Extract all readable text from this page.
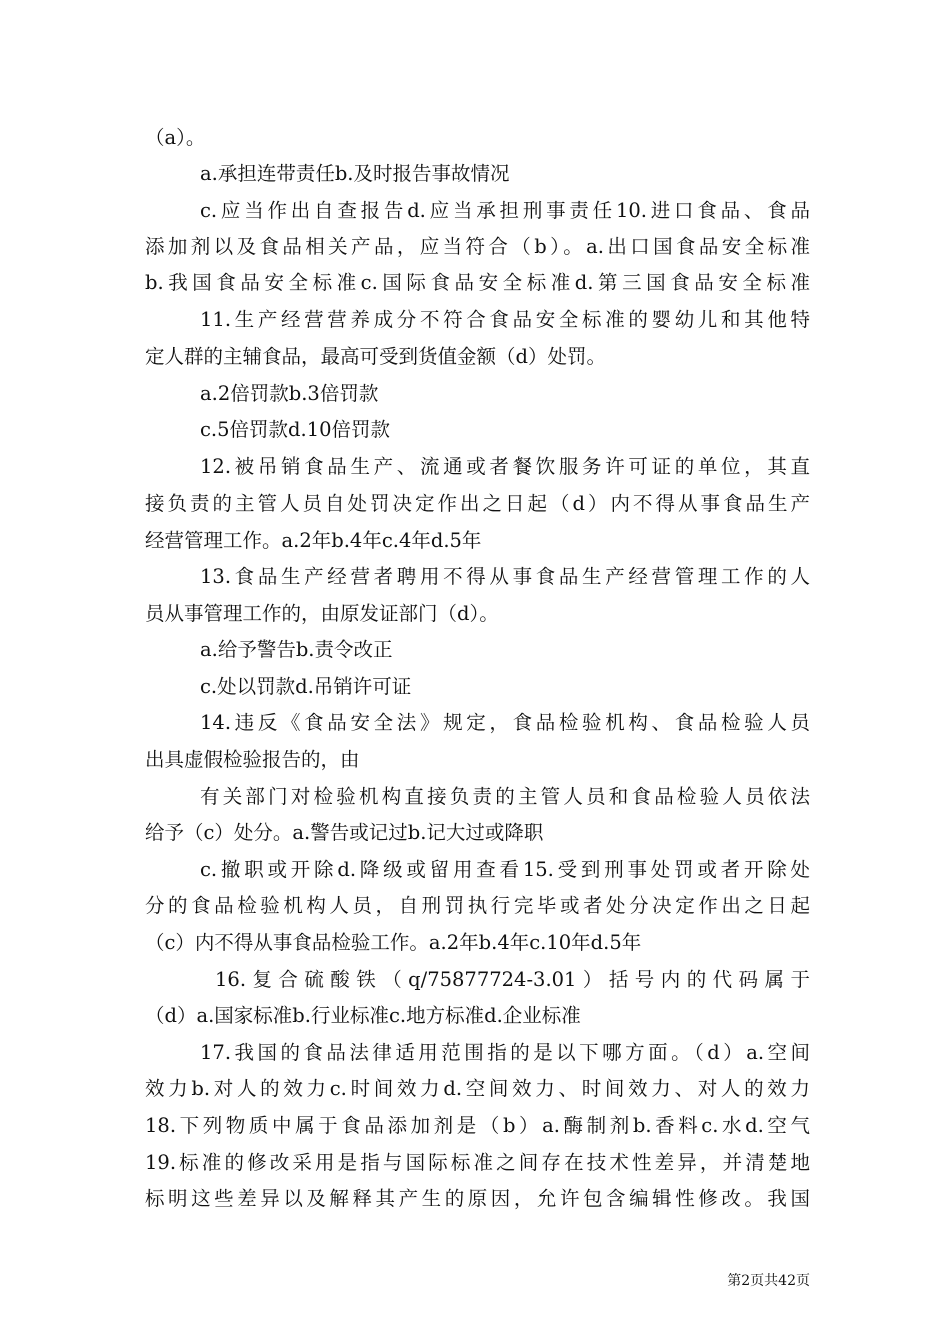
（a）。
a.承担连带责任b.及时报告事故情况
c.应当作出自查报告d.应当承担刑事责任10.进口食品、食品
添加剂以及食品相关产品，应当符合（b）。a.出口国食品安全标准
b.我国食品安全标准c.国际食品安全标准d.第三国食品安全标准
11.生产经营营养成分不符合食品安全标准的婴幼儿和其他特
定人群的主辅食品，最高可受到货值金额（d）处罚。
a.2倍罚款b.3倍罚款
c.5倍罚款d.10倍罚款
12.被吊销食品生产、流通或者餐饮服务许可证的单位，其直
接负责的主管人员自处罚决定作出之日起（d）内不得从事食品生产
经营管理工作。a.2年b.4年c.4年d.5年
13.食品生产经营者聘用不得从事食品生产经营管理工作的人
员从事管理工作的，由原发证部门（d）。
a.给予警告b.责令改正
c.处以罚款d.吊销许可证
14.违反《食品安全法》规定，食品检验机构、食品检验人员
出具虚假检验报告的，由
有关部门对检验机构直接负责的主管人员和食品检验人员依法
给予（c）处分。a.警告或记过b.记大过或降职
c.撤职或开除d.降级或留用查看15.受到刑事处罚或者开除处
分的食品检验机构人员，自刑罚执行完毕或者处分决定作出之日起
（c）内不得从事食品检验工作。a.2年b.4年c.10年d.5年
16.复合硫酸铁（q/75877724-3.01）括号内的代码属于
（d）a.国家标准b.行业标准c.地方标准d.企业标准
17.我国的食品法律适用范围指的是以下哪方面。（d）a.空间
效力b.对人的效力c.时间效力d.空间效力、时间效力、对人的效力
18.下列物质中属于食品添加剂是（b）a.酶制剂b.香料c.水d.空气
19.标准的修改采用是指与国际标准之间存在技术性差异，并清楚地
标明这些差异以及解释其产生的原因，允许包含编辑性修改。我国
第2页共42页
